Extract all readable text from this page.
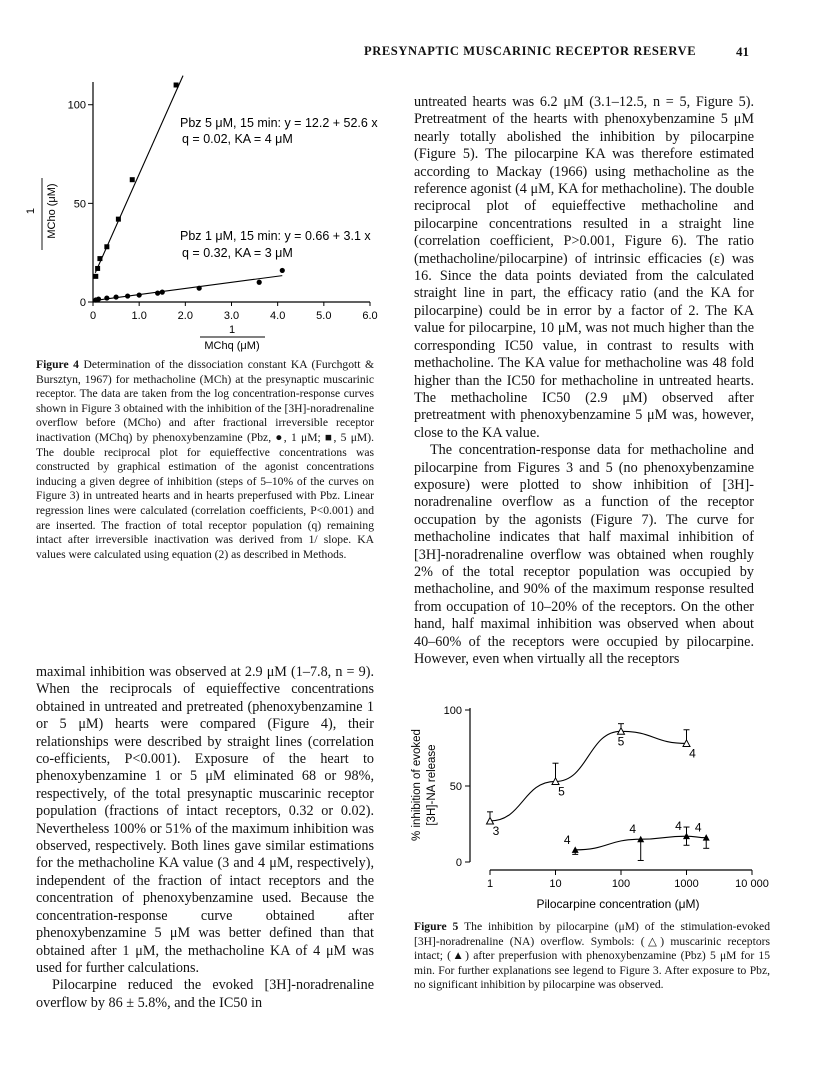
PRESYNAPTIC MUSCARINIC RECEPTOR RESERVE	41
0	1.0	2.0	3.0	4.0	5.0	6.0
0
50
100
Pbz 5 μM, 15 min: y = 12.2 + 52.6 x
q = 0.02, KA = 4 μM
Pbz 1 μM, 15 min: y = 0.66 + 3.1 x
q = 0.32, KA = 3 μM
1 MCho (μM)
1
MChq (μM)
Figure 4 Determination of the dissociation constant KA (Furchgott & Bursztyn, 1967) for methacholine (MCh) at the presynaptic muscarinic receptor. The data are taken from the log concentration-response curves shown in Figure 3 obtained with the inhibition of the [3H]-noradrenaline overflow before (MCho) and after fractional irreversible receptor inactivation (MChq) by phenoxybenzamine (Pbz, ●, 1 μM; ■, 5 μM). The double reciprocal plot for equieffective concentrations was constructed by graphical estimation of the agonist concentrations inducing a given degree of inhibition (steps of 5–10% of the curves on Figure 3) in untreated hearts and in hearts preperfused with Pbz. Linear regression lines were calculated (correlation coefficients, P<0.001) and are inserted. The fraction of total receptor population (q) remaining intact after irreversible inactivation was derived from 1/ slope. KA values were calculated using equation (2) as described in Methods.

maximal inhibition was observed at 2.9 μM (1–7.8, n = 9). When the reciprocals of equieffective concentrations obtained in untreated and pretreated (phenoxybenzamine 1 or 5 μM) hearts were compared (Figure 4), their relationships were described by straight lines (correlation co-efficients, P<0.001). Exposure of the heart to phenoxybenzamine 1 or 5 μM eliminated 68 or 98%, respectively, of the total presynaptic muscarinic receptor population (fractions of intact receptors, 0.32 or 0.02). Nevertheless 100% or 51% of the maximum inhibition was observed, respectively. Both lines gave similar estimations for the methacholine KA value (3 and 4 μM, respectively), independent of the fraction of intact receptors and the concentration of phenoxybenzamine used. Because the concentration-response curve obtained after phenoxybenzamine 5 μM was better defined than that obtained after 1 μM, the methacholine KA of 4 μM was used for further calculations.

Pilocarpine reduced the evoked [3H]-noradrenaline overflow by 86 ± 5.8%, and the IC50 in

untreated hearts was 6.2 μM (3.1–12.5, n = 5, Figure 5). Pretreatment of the hearts with phenoxybenzamine 5 μM nearly totally abolished the inhibition by pilocarpine (Figure 5). The pilocarpine KA was therefore estimated according to Mackay (1966) using methacholine as the reference agonist (4 μM, KA for methacholine). The double reciprocal plot of equieffective methacholine and pilocarpine concentrations resulted in a straight line (correlation coefficient, P>0.001, Figure 6). The ratio (methacholine/pilocarpine) of intrinsic efficacies (ε) was 16. Since the data points deviated from the calculated straight line in part, the efficacy ratio (and the KA for pilocarpine) could be in error by a factor of 2. The KA value for pilocarpine, 10 μM, was not much higher than the corresponding IC50 value, in contrast to results with methacholine. The KA value for methacholine was 48 fold higher than the IC50 for methacholine in untreated hearts. The methacholine IC50 (2.9 μM) observed after pretreatment with phenoxybenzamine 5 μM was, however, close to the KA value.

The concentration-response data for methacholine and pilocarpine from Figures 3 and 5 (no phenoxybenzamine exposure) were plotted to show inhibition of [3H]-noradrenaline overflow as a function of the receptor occupation by the agonists (Figure 7). The curve for methacholine indicates that half maximal inhibition of [3H]-noradrenaline overflow was obtained when roughly 2% of the total receptor population was occupied by methacholine, and 90% of the maximum response resulted from occupation of 10–20% of the receptors. On the other hand, half maximal inhibition was observed when about 40–60% of the receptors were occupied by pilocarpine. However, even when virtually all the receptors

1	10	100	1000	10 000
0
50
100
3
5
5
4
4
4	4 4
% inhibition of evoked [3H]-NA release
Pilocarpine concentration (μM)
Figure 5 The inhibition by pilocarpine (μM) of the stimulation-evoked [3H]-noradrenaline (NA) overflow. Symbols: (△) muscarinic receptors intact; (▲) after preperfusion with phenoxybenzamine (Pbz) 5 μM for 15 min. For further explanations see legend to Figure 3. After exposure to Pbz, no significant inhibition by pilocarpine was observed.
